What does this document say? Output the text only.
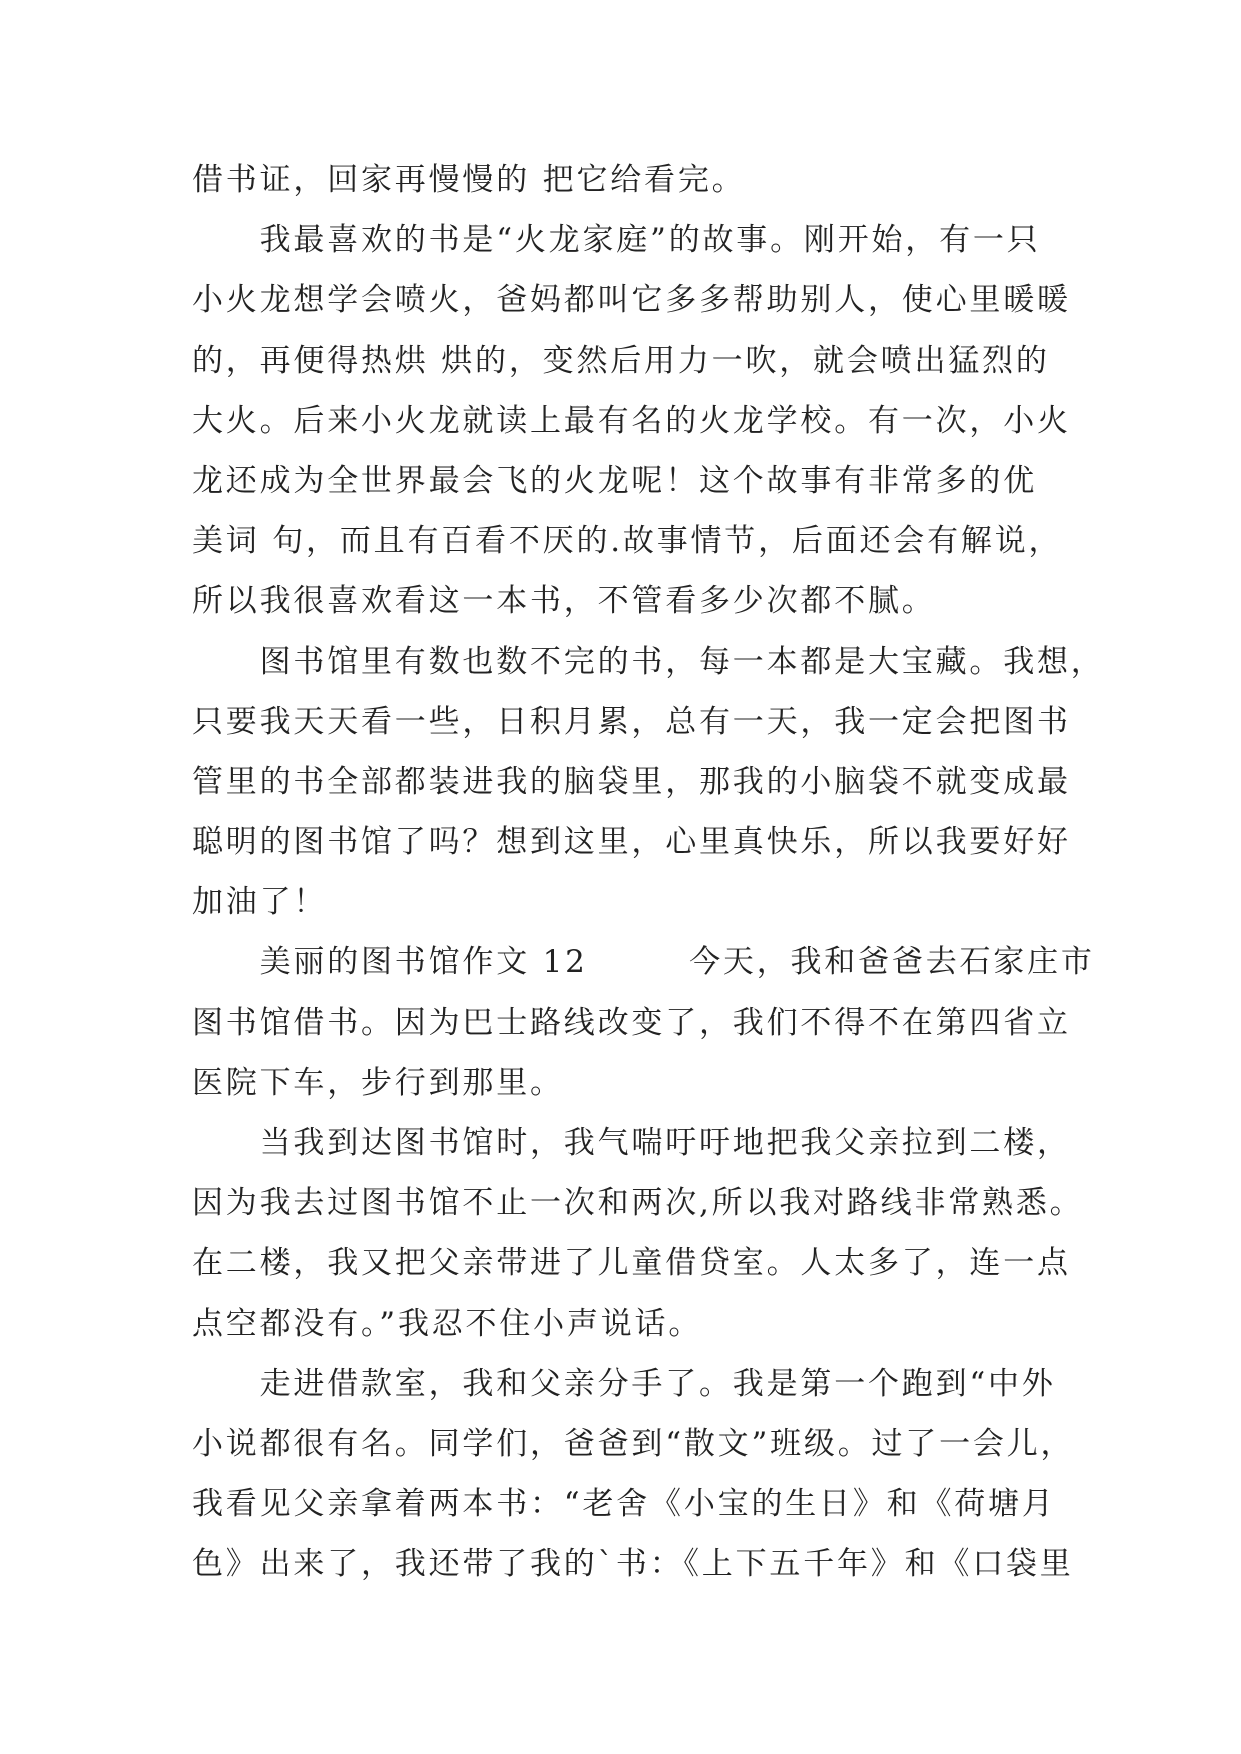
借书证，回家再慢慢的 把它给看完。
　　我最喜欢的书是“火龙家庭”的故事。刚开始，有一只
小火龙想学会喷火，爸妈都叫它多多帮助别人，使心里暖暖
的，再便得热烘 烘的，变然后用力一吹，就会喷出猛烈的
大火。后来小火龙就读上最有名的火龙学校。有一次，小火
龙还成为全世界最会飞的火龙呢！这个故事有非常多的优
美词 句，而且有百看不厌的.故事情节，后面还会有解说，
所以我很喜欢看这一本书，不管看多少次都不腻。
　　图书馆里有数也数不完的书，每一本都是大宝藏。我想，
只要我天天看一些，日积月累，总有一天，我一定会把图书
管里的书全部都装进我的脑袋里，那我的小脑袋不就变成最
聪明的图书馆了吗？想到这里，心里真快乐，所以我要好好
加油了！
　　美丽的图书馆作文 12　　　今天，我和爸爸去石家庄市
图书馆借书。因为巴士路线改变了，我们不得不在第四省立
医院下车，步行到那里。
　　当我到达图书馆时，我气喘吁吁地把我父亲拉到二楼，
因为我去过图书馆不止一次和两次,所以我对路线非常熟悉。
在二楼，我又把父亲带进了儿童借贷室。人太多了，连一点
点空都没有。”我忍不住小声说话。
　　走进借款室，我和父亲分手了。我是第一个跑到“中外
小说都很有名。同学们，爸爸到“散文”班级。过了一会儿，
我看见父亲拿着两本书：“老舍《小宝的生日》和《荷塘月
色》出来了，我还带了我的`书：《上下五千年》和《口袋里
